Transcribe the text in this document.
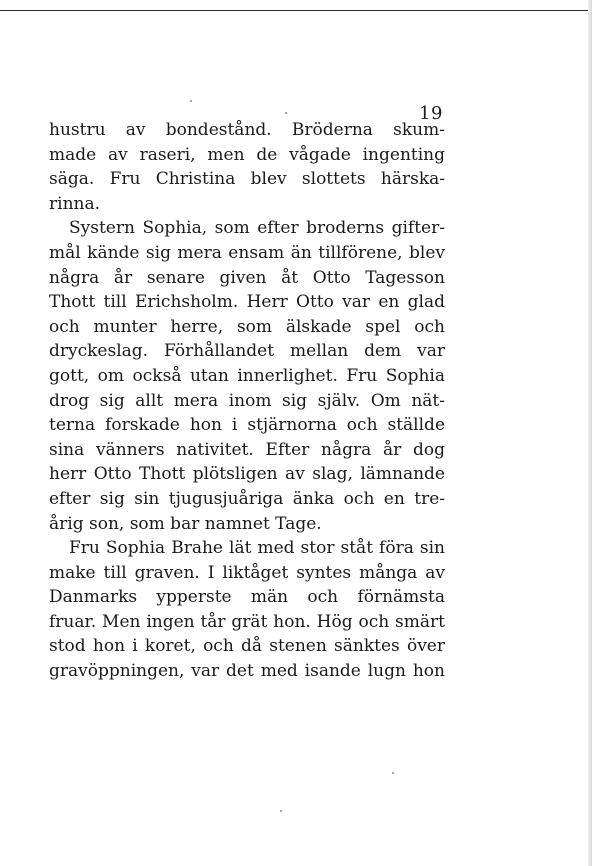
19
hustru av bondestånd. Bröderna skum-
made av raseri, men de vågade ingenting
säga. Fru Christina blev slottets härska-
rinna.
Systern Sophia, som efter broderns gifter-
mål kände sig mera ensam än tillförene, blev
några år senare given åt Otto Tagesson
Thott till Erichsholm. Herr Otto var en glad
och munter herre, som älskade spel och
dryckeslag. Förhållandet mellan dem var
gott, om också utan innerlighet. Fru Sophia
drog sig allt mera inom sig själv. Om nät-
terna forskade hon i stjärnorna och ställde
sina vänners nativitet. Efter några år dog
herr Otto Thott plötsligen av slag, lämnande
efter sig sin tjugusjuåriga änka och en tre-
årig son, som bar namnet Tage.
Fru Sophia Brahe lät med stor ståt föra sin
make till graven. I liktåget syntes många av
Danmarks ypperste män och förnämsta
fruar. Men ingen tår grät hon. Hög och smärt
stod hon i koret, och då stenen sänktes över
gravöppningen, var det med isande lugn hon
